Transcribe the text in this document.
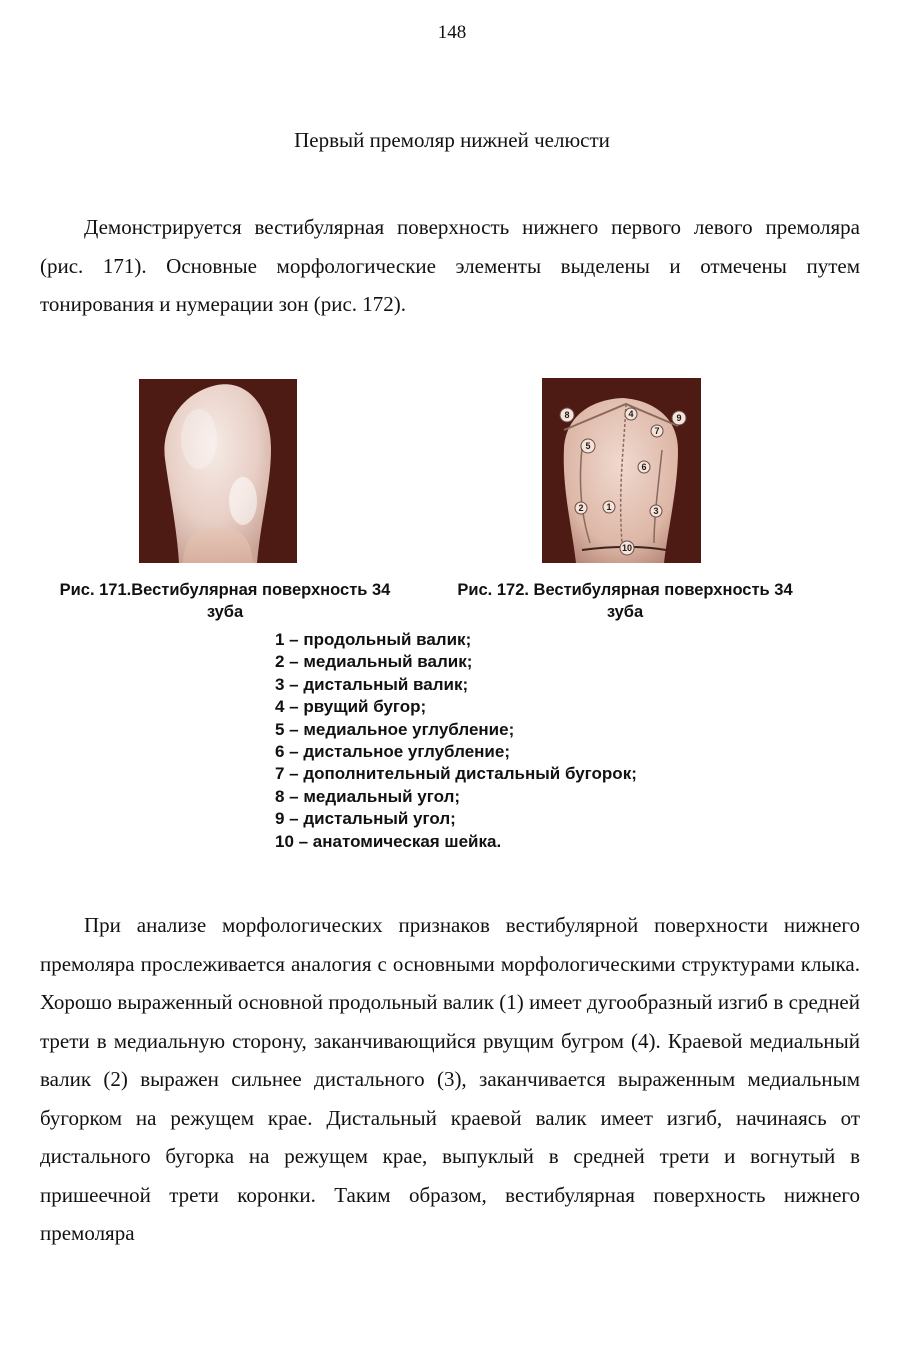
148
Первый премоляр нижней челюсти

Демонстрируется вестибулярная поверхность нижнего первого левого премоляра (рис. 171). Основные морфологические элементы выделены и отмечены путем тонирования и нумерации зон (рис. 172).

8	4	9
7
5
6
2	1	3
10
Рис. 171.Вестибулярная поверхность 34
зуба
Рис. 172. Вестибулярная поверхность 34
зуба
1 – продольный валик;
2 – медиальный валик;
3 – дистальный валик;
4 – рвущий бугор;
5 – медиальное углубление;
6 – дистальное углубление;
7 – дополнительный дистальный бугорок;
8 – медиальный угол;
9 – дистальный угол;
10 – анатомическая шейка.

При анализе морфологических признаков вестибулярной поверхности нижнего премоляра прослеживается аналогия с основными морфологическими структурами клыка. Хорошо выраженный основной продольный валик (1) имеет дугообразный изгиб в средней трети в медиальную сторону, заканчивающийся рвущим бугром (4). Краевой медиальный валик (2) выражен сильнее дистального (3), заканчивается выраженным медиальным бугорком на режущем крае. Дистальный краевой валик имеет изгиб, начинаясь от дистального бугорка на режущем крае, выпуклый в средней трети и вогнутый в пришеечной трети коронки. Таким образом, вестибулярная поверхность нижнего премоляра
